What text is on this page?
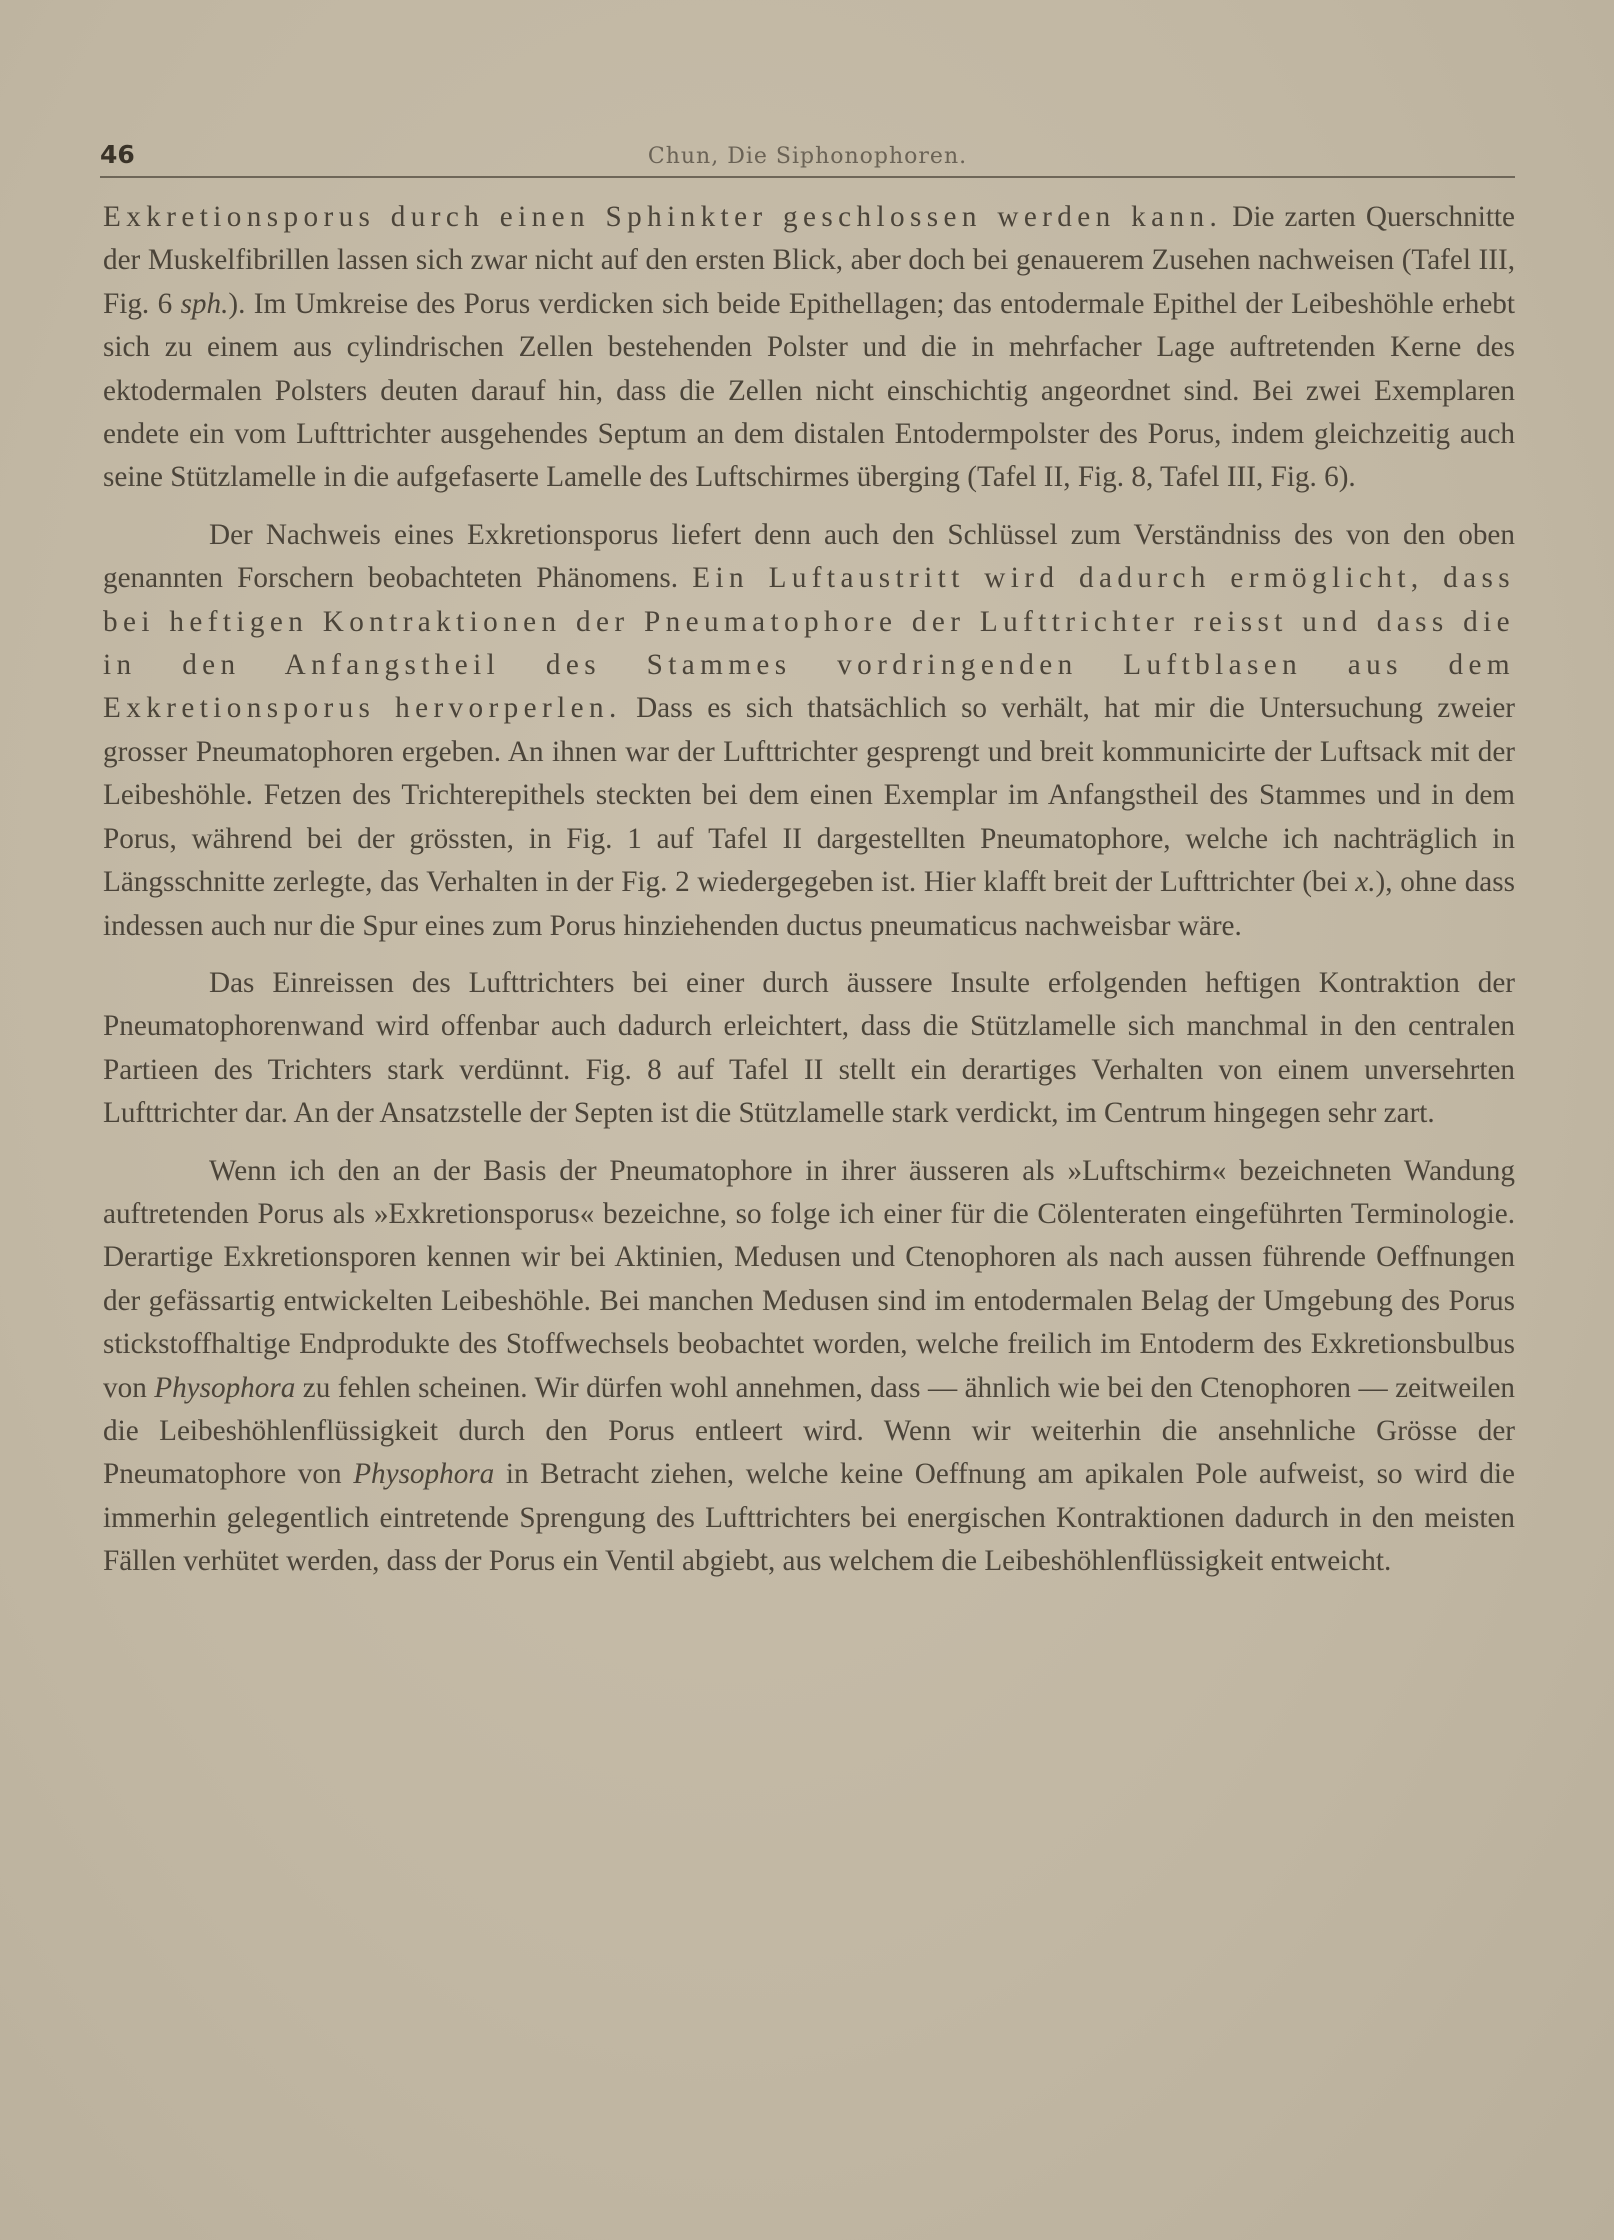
46	Chun, Die Siphonophoren.

Exkretionsporus durch einen Sphinkter geschlossen werden kann. Die zarten Querschnitte der Muskelfibrillen lassen sich zwar nicht auf den ersten Blick, aber doch bei genauerem Zusehen nachweisen (Tafel III, Fig. 6 sph.). Im Umkreise des Porus verdicken sich beide Epithellagen; das entodermale Epithel der Leibeshöhle erhebt sich zu einem aus cylindrischen Zellen bestehenden Polster und die in mehrfacher Lage auftretenden Kerne des ektodermalen Polsters deuten darauf hin, dass die Zellen nicht einschichtig angeordnet sind. Bei zwei Exemplaren endete ein vom Lufttrichter ausgehendes Septum an dem distalen Entodermpolster des Porus, indem gleichzeitig auch seine Stützlamelle in die aufgefaserte Lamelle des Luftschirmes überging (Tafel II, Fig. 8, Tafel III, Fig. 6).

Der Nachweis eines Exkretionsporus liefert denn auch den Schlüssel zum Verständniss des von den oben genannten Forschern beobachteten Phänomens. Ein Luftaustritt wird dadurch ermöglicht, dass bei heftigen Kontraktionen der Pneumatophore der Lufttrichter reisst und dass die in den Anfangstheil des Stammes vordringenden Luftblasen aus dem Exkretionsporus hervorperlen. Dass es sich thatsächlich so verhält, hat mir die Untersuchung zweier grosser Pneumatophoren ergeben. An ihnen war der Lufttrichter gesprengt und breit kommunicirte der Luftsack mit der Leibeshöhle. Fetzen des Trichterepithels steckten bei dem einen Exemplar im Anfangstheil des Stammes und in dem Porus, während bei der grössten, in Fig. 1 auf Tafel II dargestellten Pneumatophore, welche ich nachträglich in Längsschnitte zerlegte, das Verhalten in der Fig. 2 wiedergegeben ist. Hier klafft breit der Lufttrichter (bei x.), ohne dass indessen auch nur die Spur eines zum Porus hinziehenden ductus pneumaticus nachweisbar wäre.

Das Einreissen des Lufttrichters bei einer durch äussere Insulte erfolgenden heftigen Kontraktion der Pneumatophorenwand wird offenbar auch dadurch erleichtert, dass die Stützlamelle sich manchmal in den centralen Partieen des Trichters stark verdünnt. Fig. 8 auf Tafel II stellt ein derartiges Verhalten von einem unversehrten Lufttrichter dar. An der Ansatzstelle der Septen ist die Stützlamelle stark verdickt, im Centrum hingegen sehr zart.

Wenn ich den an der Basis der Pneumatophore in ihrer äusseren als »Luftschirm« bezeichneten Wandung auftretenden Porus als »Exkretionsporus« bezeichne, so folge ich einer für die Cölenteraten eingeführten Terminologie. Derartige Exkretionsporen kennen wir bei Aktinien, Medusen und Ctenophoren als nach aussen führende Oeffnungen der gefässartig entwickelten Leibeshöhle. Bei manchen Medusen sind im entodermalen Belag der Umgebung des Porus stickstoffhaltige Endprodukte des Stoffwechsels beobachtet worden, welche freilich im Entoderm des Exkretionsbulbus von Physophora zu fehlen scheinen. Wir dürfen wohl annehmen, dass — ähnlich wie bei den Ctenophoren — zeitweilen die Leibeshöhlenflüssigkeit durch den Porus entleert wird. Wenn wir weiterhin die ansehnliche Grösse der Pneumatophore von Physophora in Betracht ziehen, welche keine Oeffnung am apikalen Pole aufweist, so wird die immerhin gelegentlich eintretende Sprengung des Lufttrichters bei energischen Kontraktionen dadurch in den meisten Fällen verhütet werden, dass der Porus ein Ventil abgiebt, aus welchem die Leibeshöhlenflüssigkeit entweicht.
